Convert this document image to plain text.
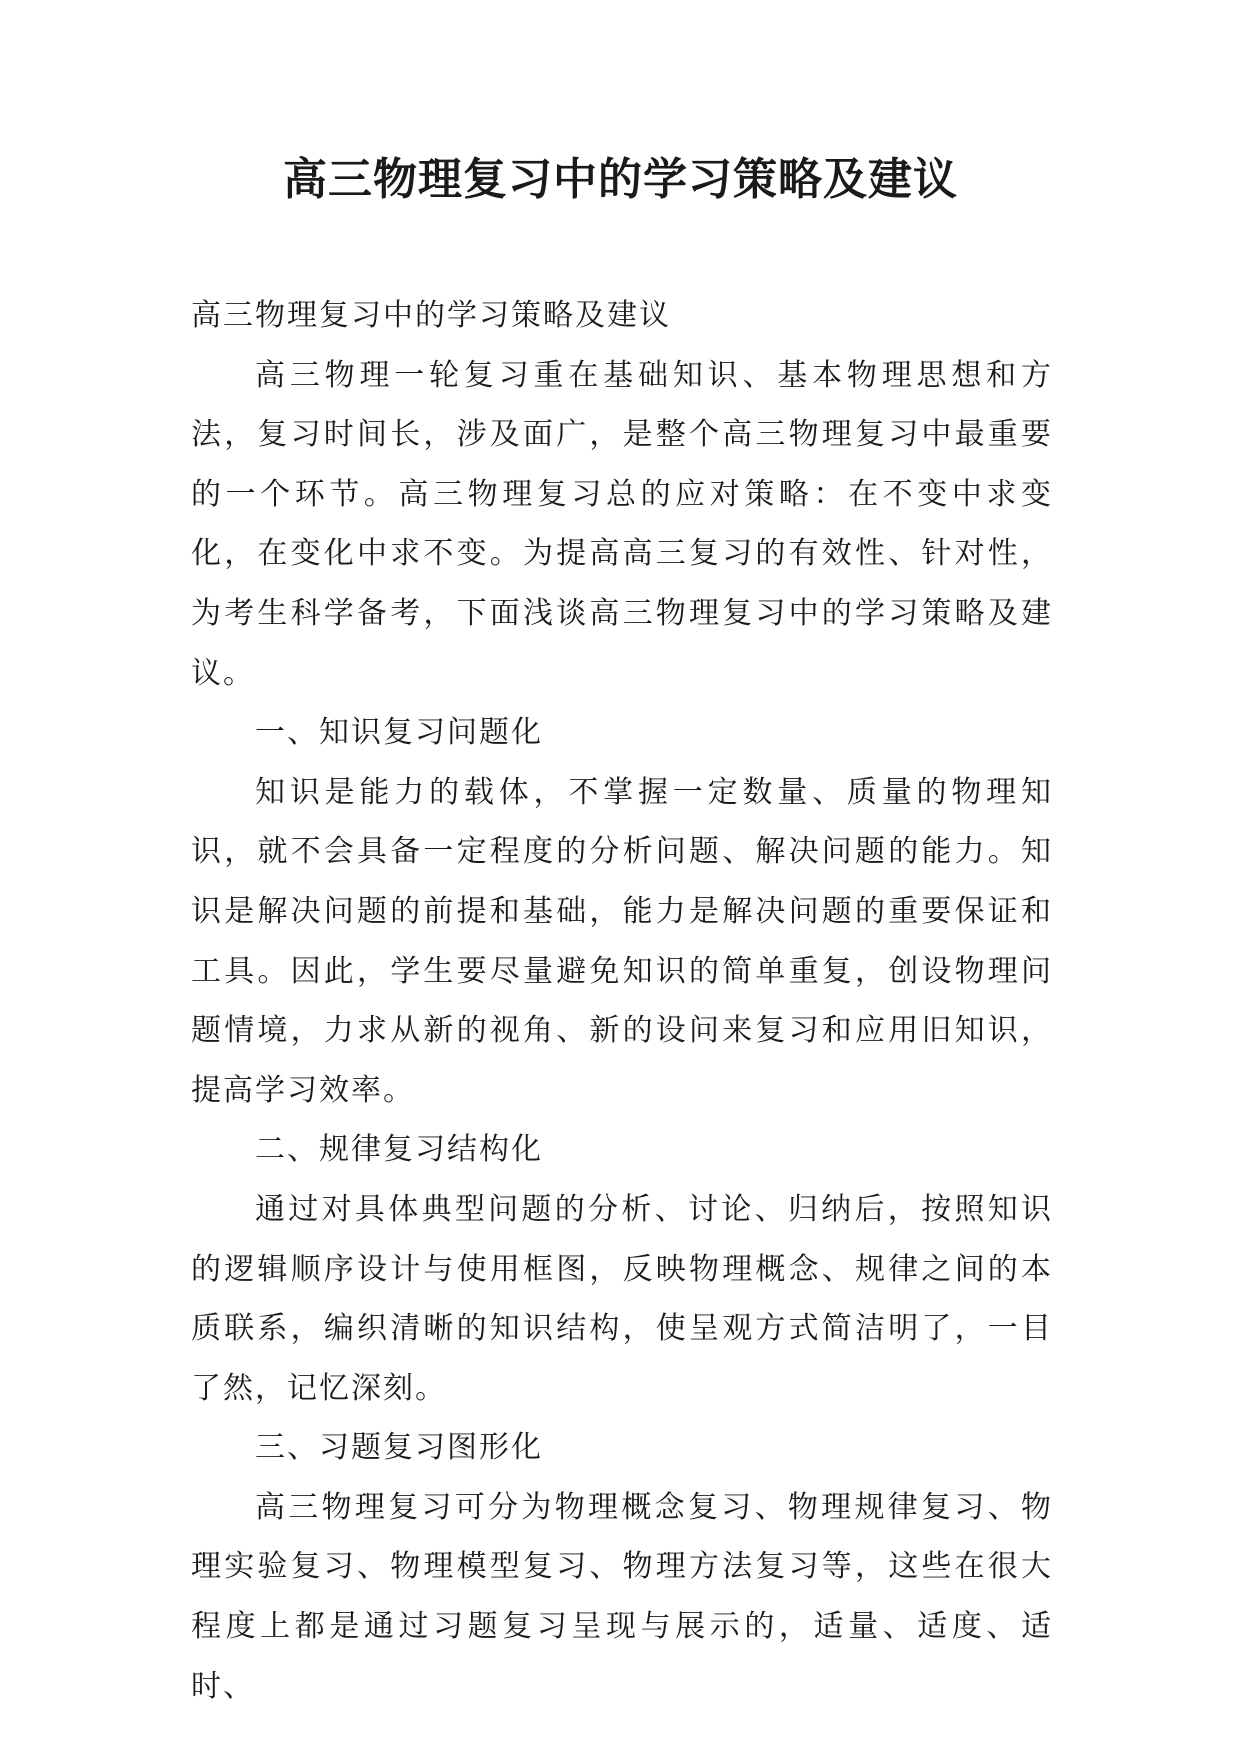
高三物理复习中的学习策略及建议

高三物理复习中的学习策略及建议

高三物理一轮复习重在基础知识、基本物理思想和方法，复习时间长，涉及面广，是整个高三物理复习中最重要的一个环节。高三物理复习总的应对策略：在不变中求变化，在变化中求不变。为提高高三复习的有效性、针对性，为考生科学备考，下面浅谈高三物理复习中的学习策略及建议。

一、知识复习问题化

知识是能力的载体，不掌握一定数量、质量的物理知识，就不会具备一定程度的分析问题、解决问题的能力。知识是解决问题的前提和基础，能力是解决问题的重要保证和工具。因此，学生要尽量避免知识的简单重复，创设物理问题情境，力求从新的视角、新的设问来复习和应用旧知识，提高学习效率。

二、规律复习结构化

通过对具体典型问题的分析、讨论、归纳后，按照知识的逻辑顺序设计与使用框图，反映物理概念、规律之间的本质联系，编织清晰的知识结构，使呈观方式简洁明了，一目了然，记忆深刻。

三、习题复习图形化

高三物理复习可分为物理概念复习、物理规律复习、物理实验复习、物理模型复习、物理方法复习等，这些在很大程度上都是通过习题复习呈现与展示的，适量、适度、适时、
